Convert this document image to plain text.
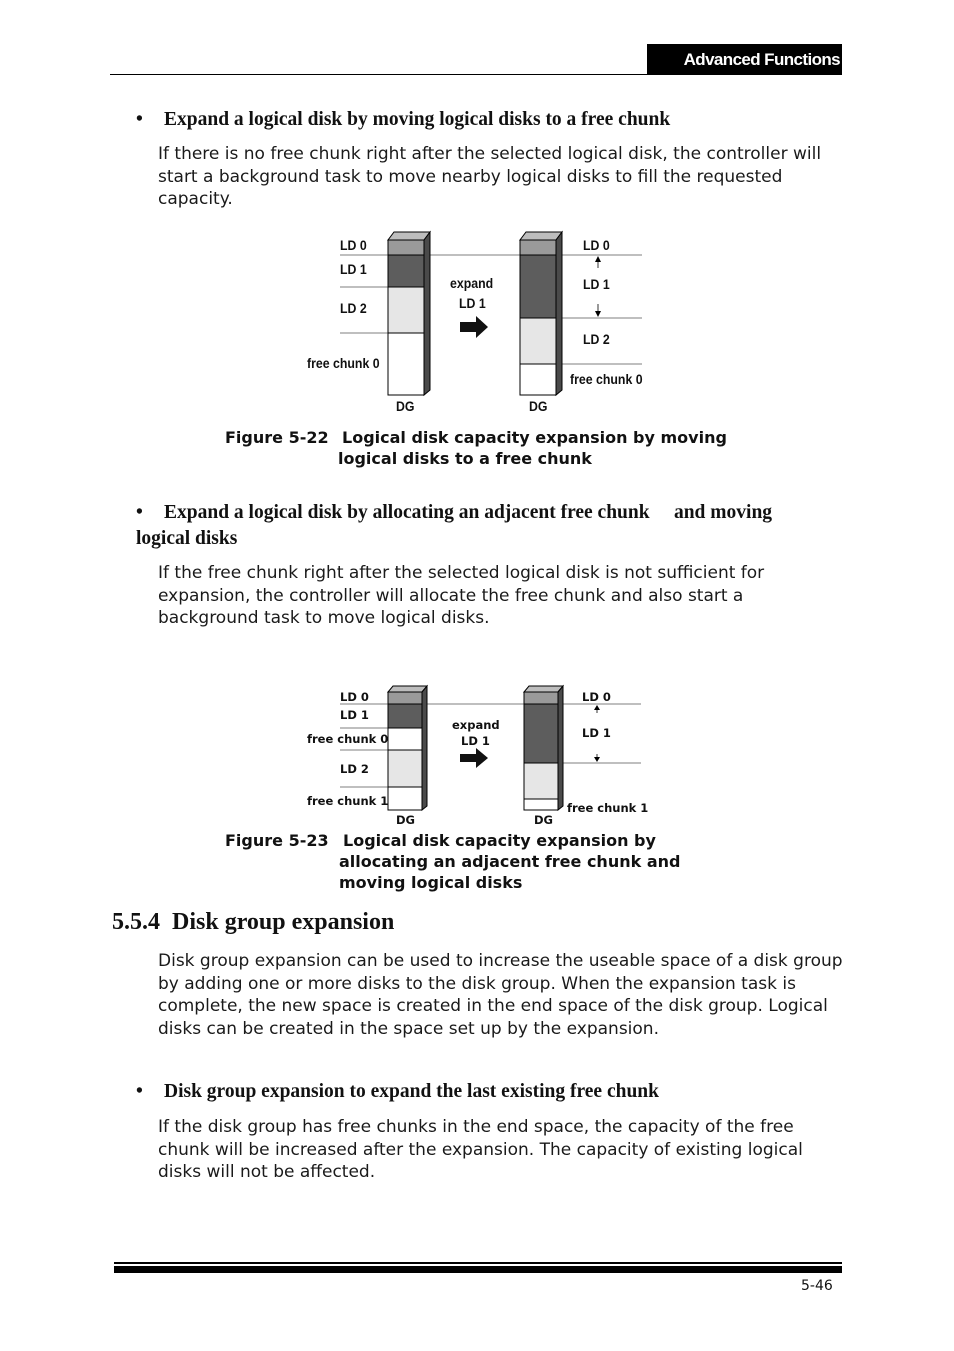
Advanced Functions
• Expand a logical disk by moving logical disks to a free chunk
If there is no free chunk right after the selected logical disk, the controller will start a background task to move nearby logical disks to fill the requested capacity.
LD 0
LD 1
LD 2
free chunk 0
DG
expand
LD 1
DG
LD 0
LD 1
LD 2
free chunk 0
Figure 5-22 Logical disk capacity expansion by moving
logical disks to a free chunk
• Expand a logical disk by allocating an adjacent free chunk     and moving
logical disks
If the free chunk right after the selected logical disk is not sufficient for expansion, the controller will allocate the free chunk and also start a background task to move logical disks.
LD 0
LD 1
free chunk 0
LD 2
free chunk 1
DG
expand
LD 1
DG
LD 0
LD 1
free chunk 1
Figure 5-23 Logical disk capacity expansion by
allocating an adjacent free chunk and
moving logical disks
5.5.4  Disk group expansion
Disk group expansion can be used to increase the useable space of a disk group by adding one or more disks to the disk group. When the expansion task is complete, the new space is created in the end space of the disk group. Logical disks can be created in the space set up by the expansion.
• Disk group expansion to expand the last existing free chunk
If the disk group has free chunks in the end space, the capacity of the free chunk will be increased after the expansion. The capacity of existing logical disks will not be affected.
5-46
